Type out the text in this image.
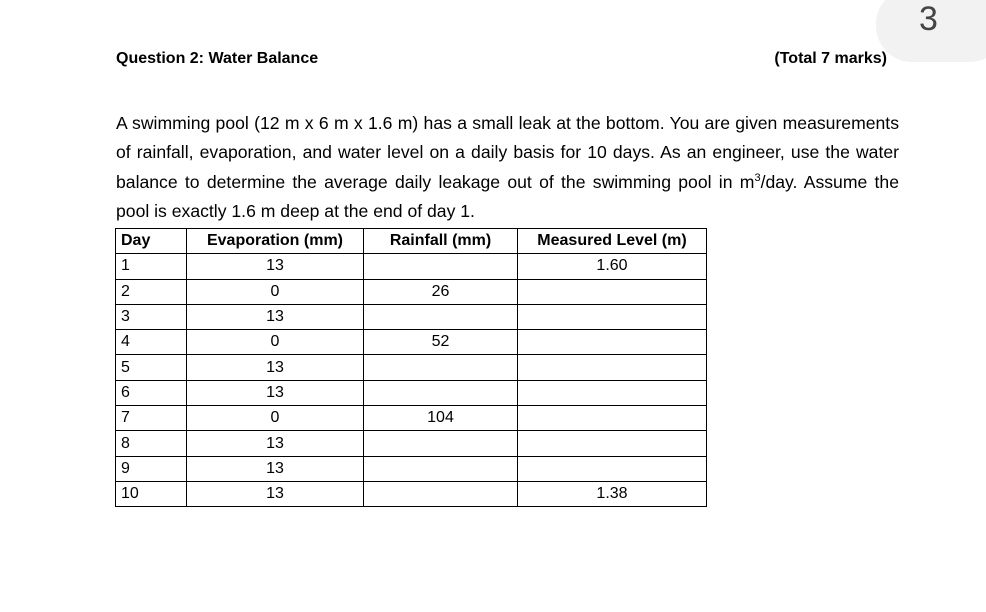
3
Question 2: Water Balance	(Total 7 marks)

A swimming pool (12 m x 6 m x 1.6 m) has a small leak at the bottom. You are given measurements of rainfall, evaporation, and water level on a daily basis for 10 days. As an engineer, use the water balance to determine the average daily leakage out of the swimming pool in $m^3$/day. Assume the pool is exactly 1.6 m deep at the end of day 1.

Day	Evaporation (mm)	Rainfall (mm)	Measured Level (m)
1	13		1.60
2	0	26	
3	13		
4	0	52	
5	13		
6	13		
7	0	104	
8	13		
9	13		
10	13		1.38
